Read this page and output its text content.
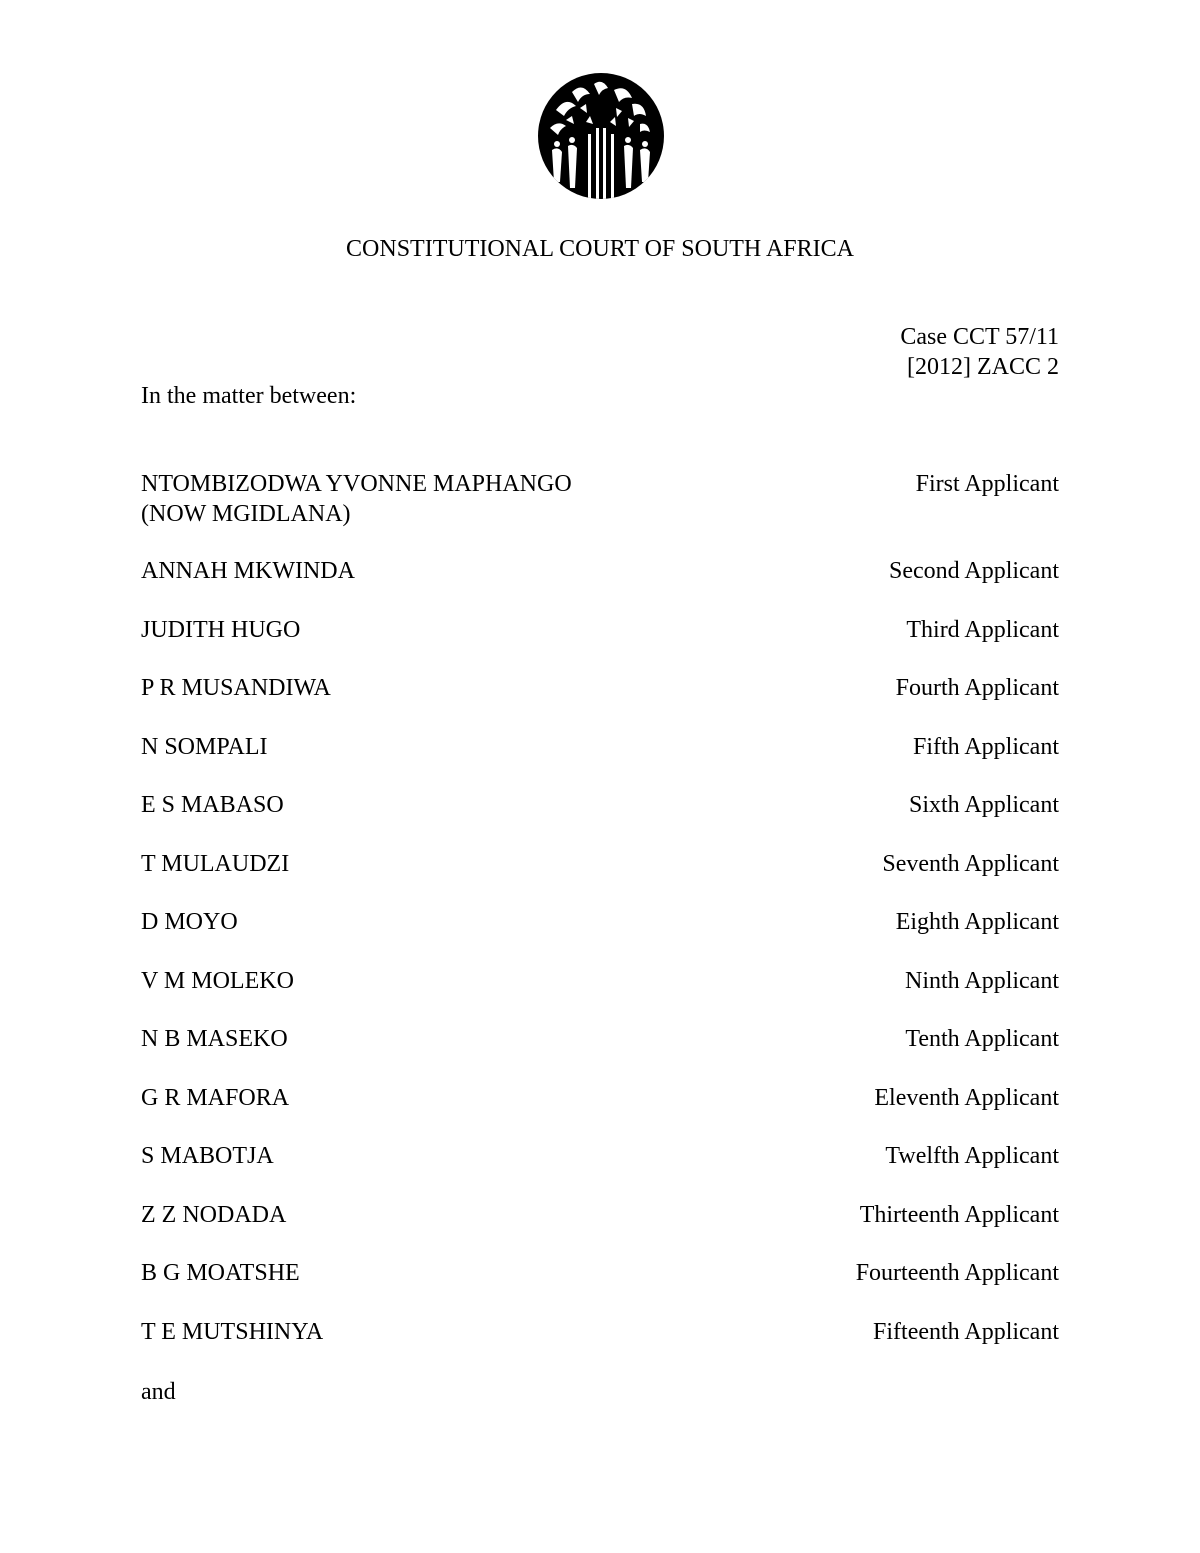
CONSTITUTIONAL COURT OF SOUTH AFRICA
Case CCT 57/11
[2012] ZACC 2
In the matter between:
NTOMBIZODWA YVONNE MAPHANGO
(NOW MGIDLANA)
First Applicant
ANNAH MKWINDA	Second Applicant
JUDITH HUGO	Third Applicant
P R MUSANDIWA	Fourth Applicant
N SOMPALI	Fifth Applicant
E S MABASO	Sixth Applicant
T MULAUDZI	Seventh Applicant
D MOYO	Eighth Applicant
V M MOLEKO	Ninth Applicant
N B MASEKO	Tenth Applicant
G R MAFORA	Eleventh Applicant
S MABOTJA	Twelfth Applicant
Z Z NODADA	Thirteenth Applicant
B G MOATSHE	Fourteenth Applicant
T E MUTSHINYA	Fifteenth Applicant
and
